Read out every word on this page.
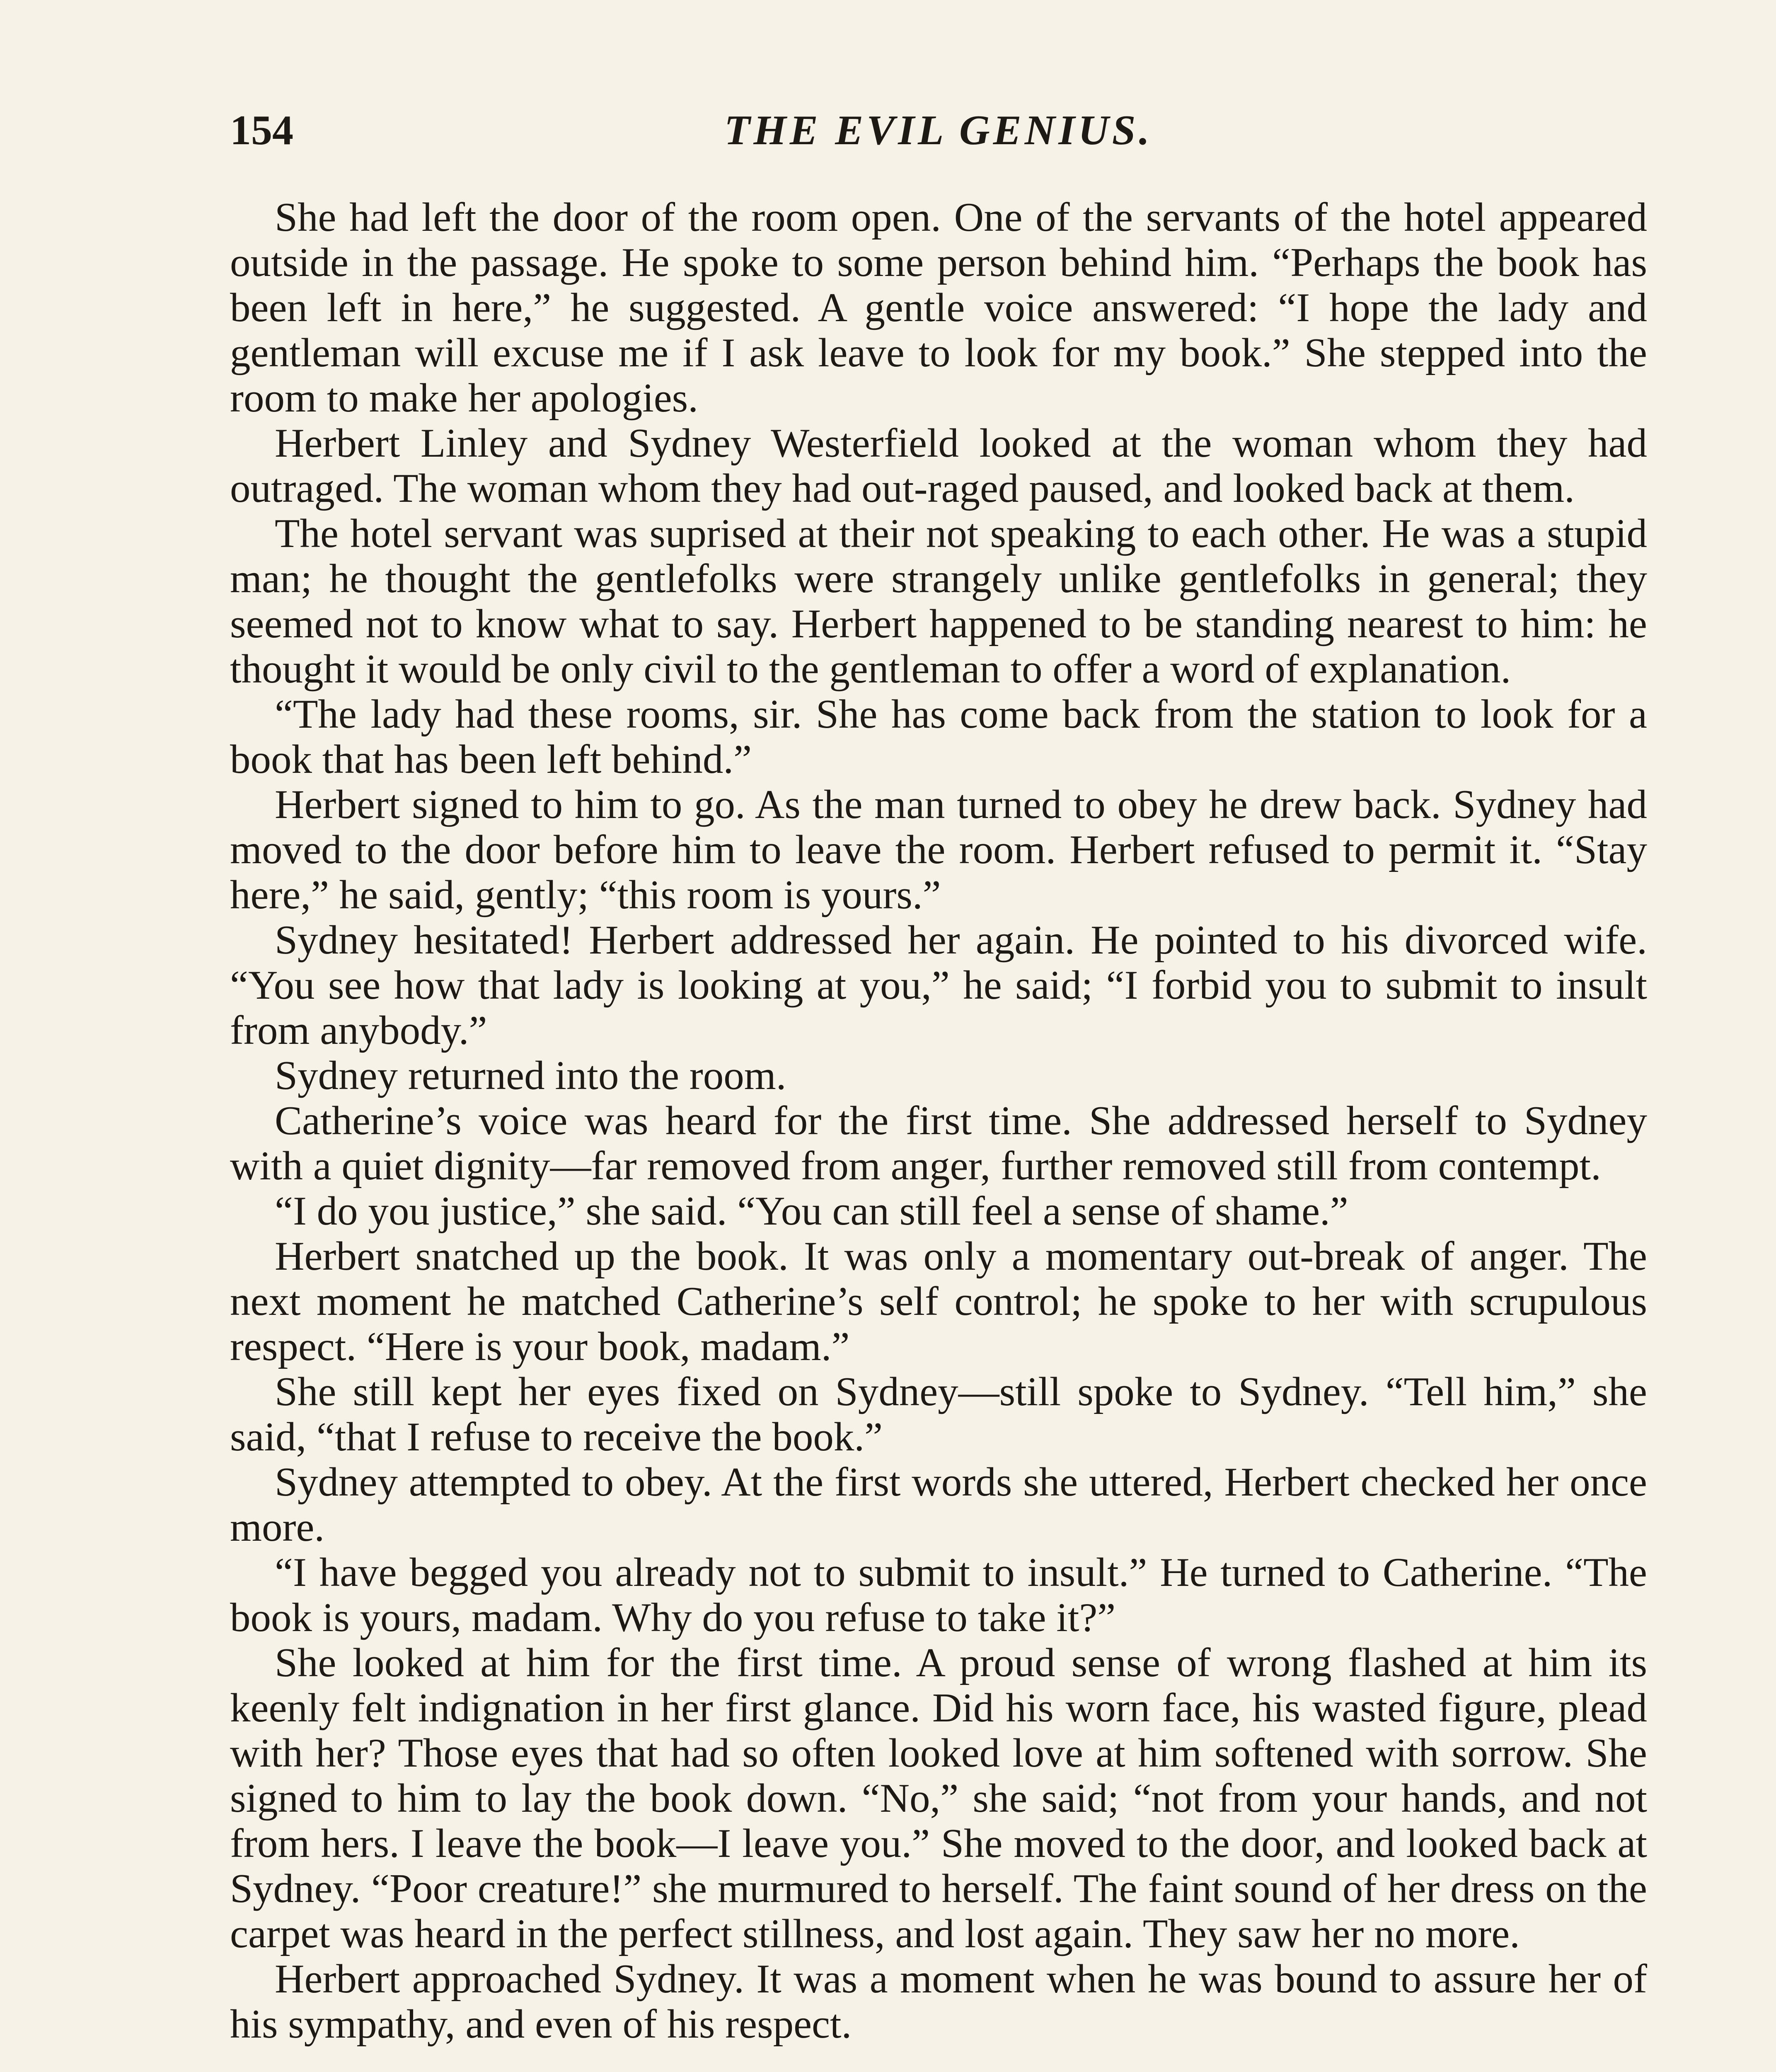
154	THE EVIL GENIUS.

She had left the door of the room open. One of the servants of the hotel appeared outside in the passage. He spoke to some person behind him. “Perhaps the book has been left in here,” he suggested. A gentle voice answered: “I hope the lady and gentleman will excuse me if I ask leave to look for my book.” She stepped into the room to make her apologies.

Herbert Linley and Sydney Westerfield looked at the woman whom they had outraged. The woman whom they had out-raged paused, and looked back at them.

The hotel servant was suprised at their not speaking to each other. He was a stupid man; he thought the gentlefolks were strangely unlike gentlefolks in general; they seemed not to know what to say. Herbert happened to be standing nearest to him: he thought it would be only civil to the gentleman to offer a word of explanation.

“The lady had these rooms, sir. She has come back from the station to look for a book that has been left behind.”

Herbert signed to him to go. As the man turned to obey he drew back. Sydney had moved to the door before him to leave the room. Herbert refused to permit it. “Stay here,” he said, gently; “this room is yours.”

Sydney hesitated! Herbert addressed her again. He pointed to his divorced wife. “You see how that lady is looking at you,” he said; “I forbid you to submit to insult from anybody.”

Sydney returned into the room.

Catherine’s voice was heard for the first time. She addressed herself to Sydney with a quiet dignity—far removed from anger, further removed still from contempt.

“I do you justice,” she said. “You can still feel a sense of shame.”

Herbert snatched up the book. It was only a momentary out-break of anger. The next moment he matched Catherine’s self control; he spoke to her with scrupulous respect. “Here is your book, madam.”

She still kept her eyes fixed on Sydney—still spoke to Sydney. “Tell him,” she said, “that I refuse to receive the book.”

Sydney attempted to obey. At the first words she uttered, Herbert checked her once more.

“I have begged you already not to submit to insult.” He turned to Catherine. “The book is yours, madam. Why do you refuse to take it?”

She looked at him for the first time. A proud sense of wrong flashed at him its keenly felt indignation in her first glance. Did his worn face, his wasted figure, plead with her? Those eyes that had so often looked love at him softened with sorrow. She signed to him to lay the book down. “No,” she said; “not from your hands, and not from hers. I leave the book—I leave you.” She moved to the door, and looked back at Sydney. “Poor creature!” she murmured to herself. The faint sound of her dress on the carpet was heard in the perfect stillness, and lost again. They saw her no more.

Herbert approached Sydney. It was a moment when he was bound to assure her of his sympathy, and even of his respect.
